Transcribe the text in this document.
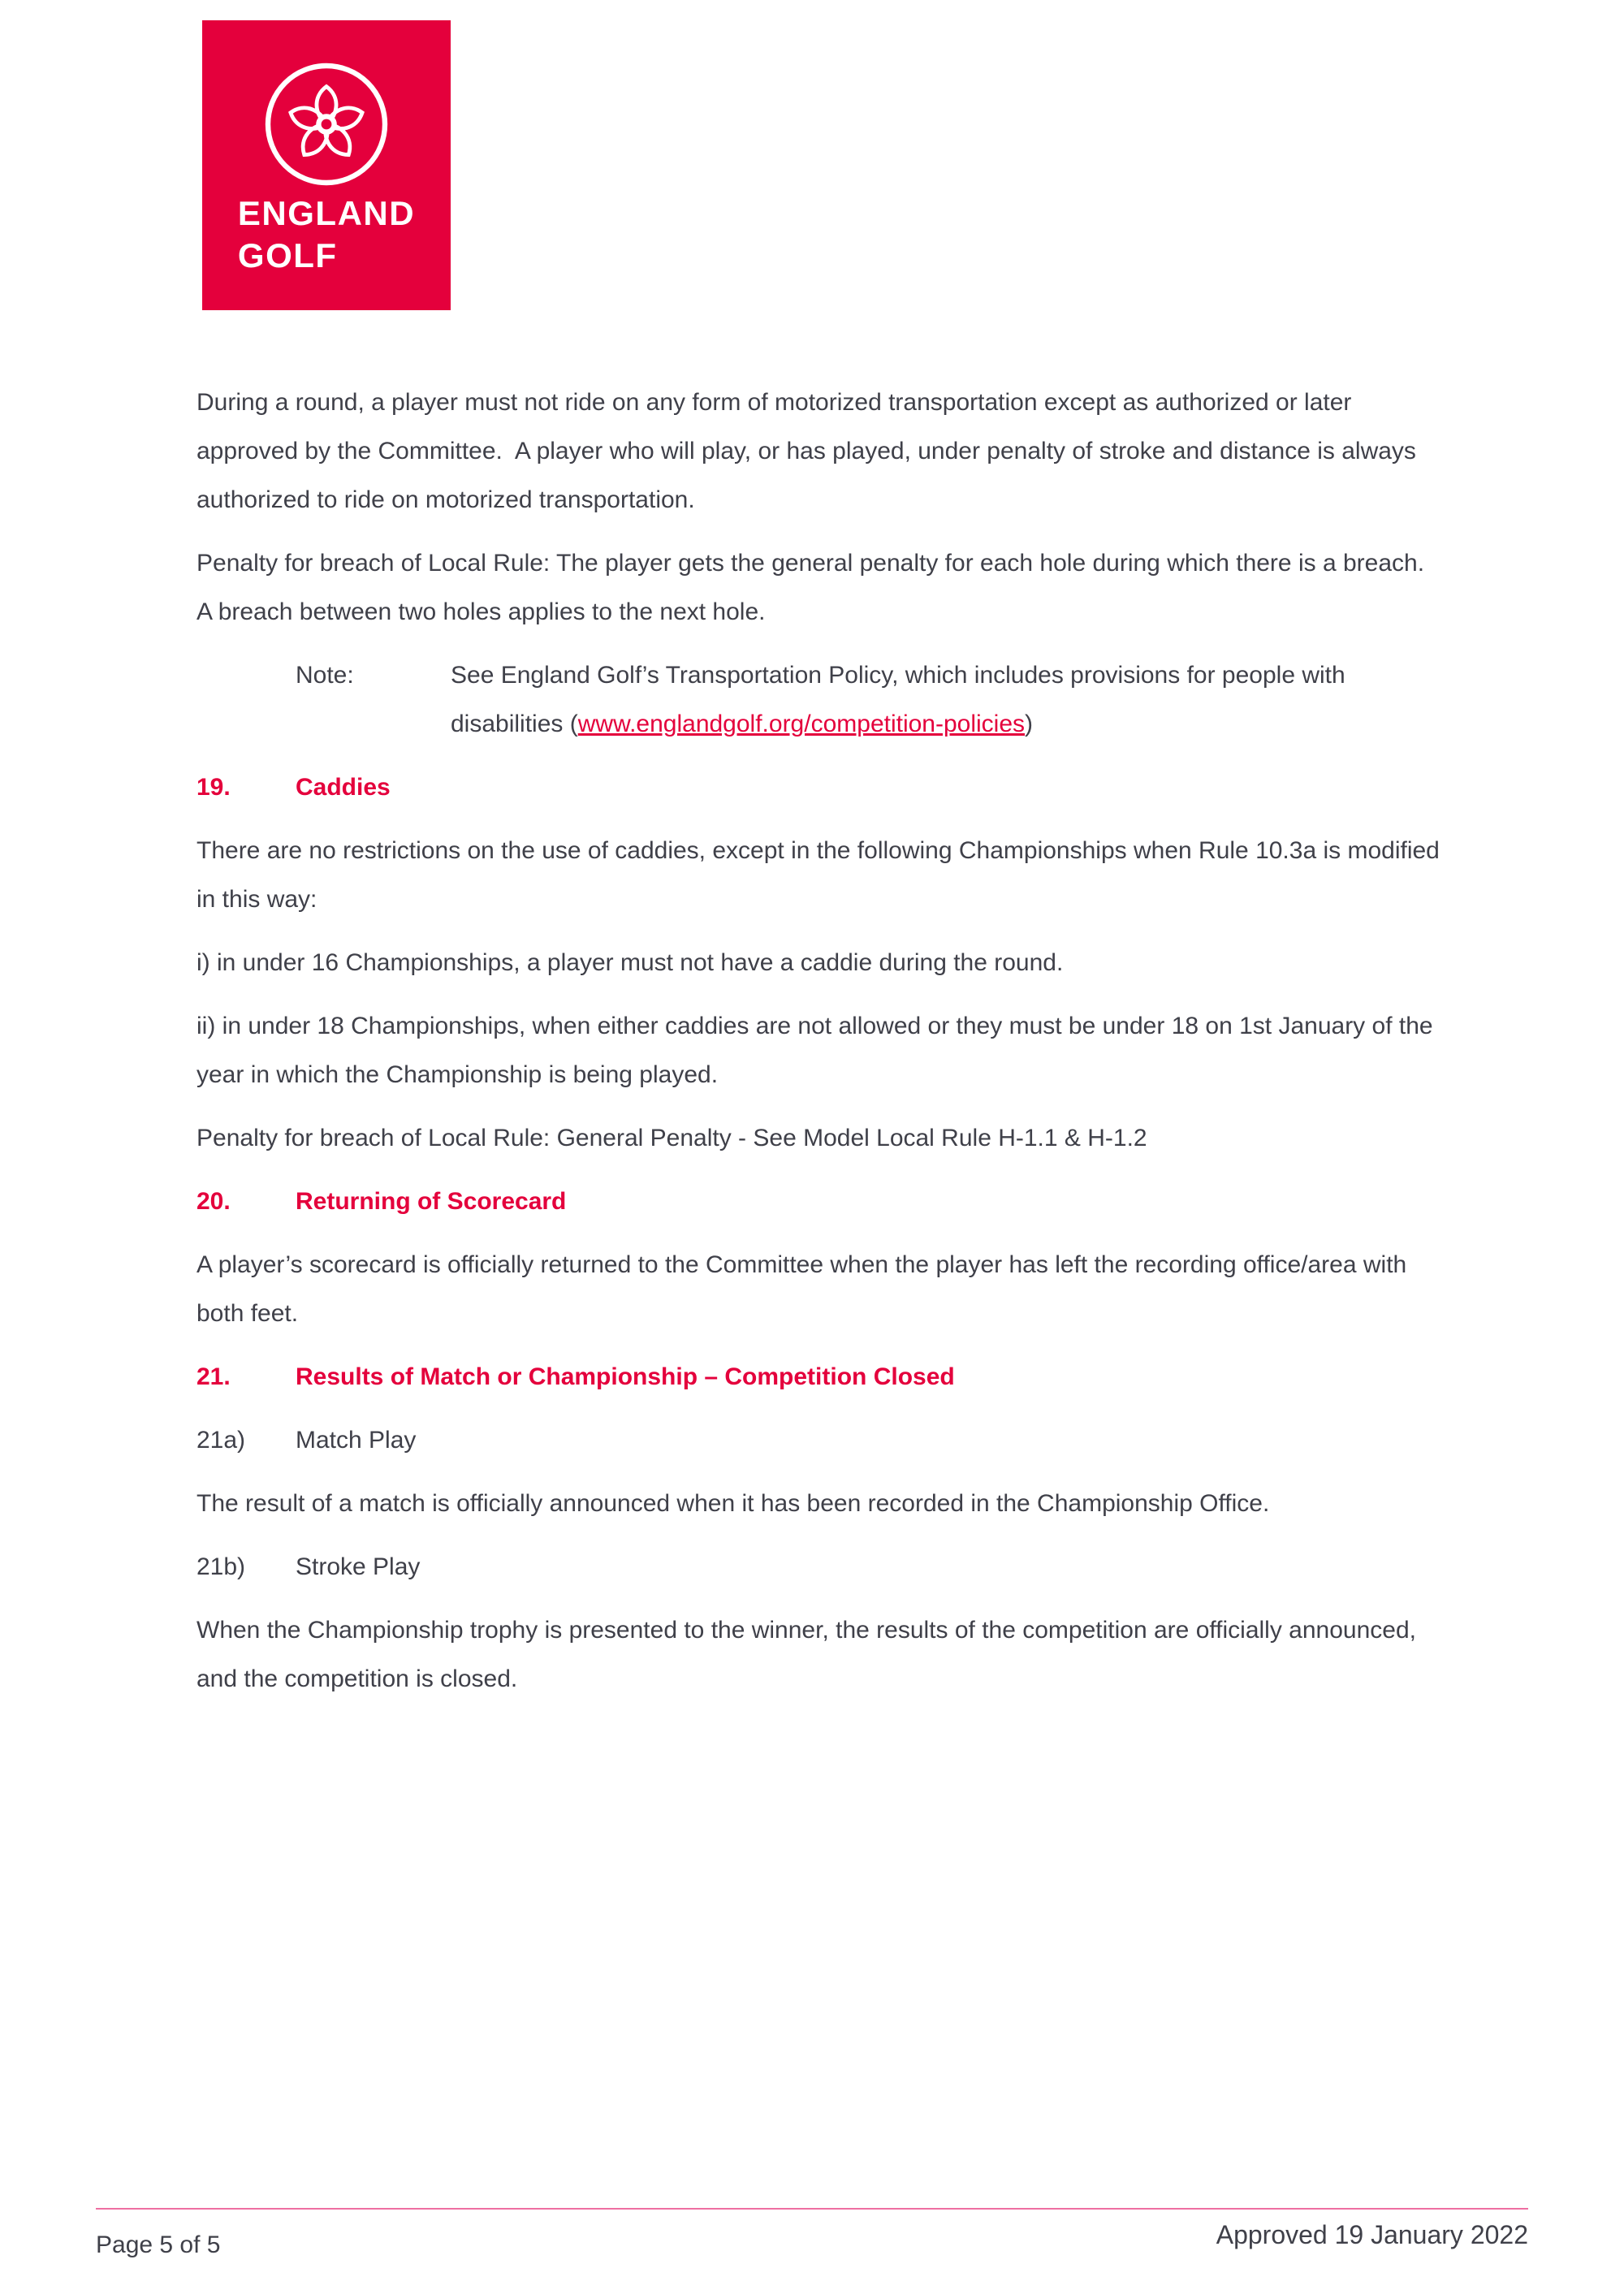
ENGLAND
GOLF

During a round, a player must not ride on any form of motorized transportation except as authorized or later approved by the Committee.  A player who will play, or has played, under penalty of stroke and distance is always authorized to ride on motorized transportation.

Penalty for breach of Local Rule: The player gets the general penalty for each hole during which there is a breach.  A breach between two holes applies to the next hole.

Note:	See England Golf’s Transportation Policy, which includes provisions for people with disabilities (www.englandgolf.org/competition-policies)
19.	Caddies

There are no restrictions on the use of caddies, except in the following Championships when Rule 10.3a is modified in this way:

i) in under 16 Championships, a player must not have a caddie during the round.

ii) in under 18 Championships, when either caddies are not allowed or they must be under 18 on 1st January of the year in which the Championship is being played.

Penalty for breach of Local Rule: General Penalty - See Model Local Rule H-1.1 & H-1.2

20.	Returning of Scorecard

A player’s scorecard is officially returned to the Committee when the player has left the recording office/area with both feet.

21.	Results of Match or Championship – Competition Closed
21a)	Match Play

The result of a match is officially announced when it has been recorded in the Championship Office.

21b)	Stroke Play

When the Championship trophy is presented to the winner, the results of the competition are officially announced, and the competition is closed.

Page 5 of 5	Approved 19 January 2022
